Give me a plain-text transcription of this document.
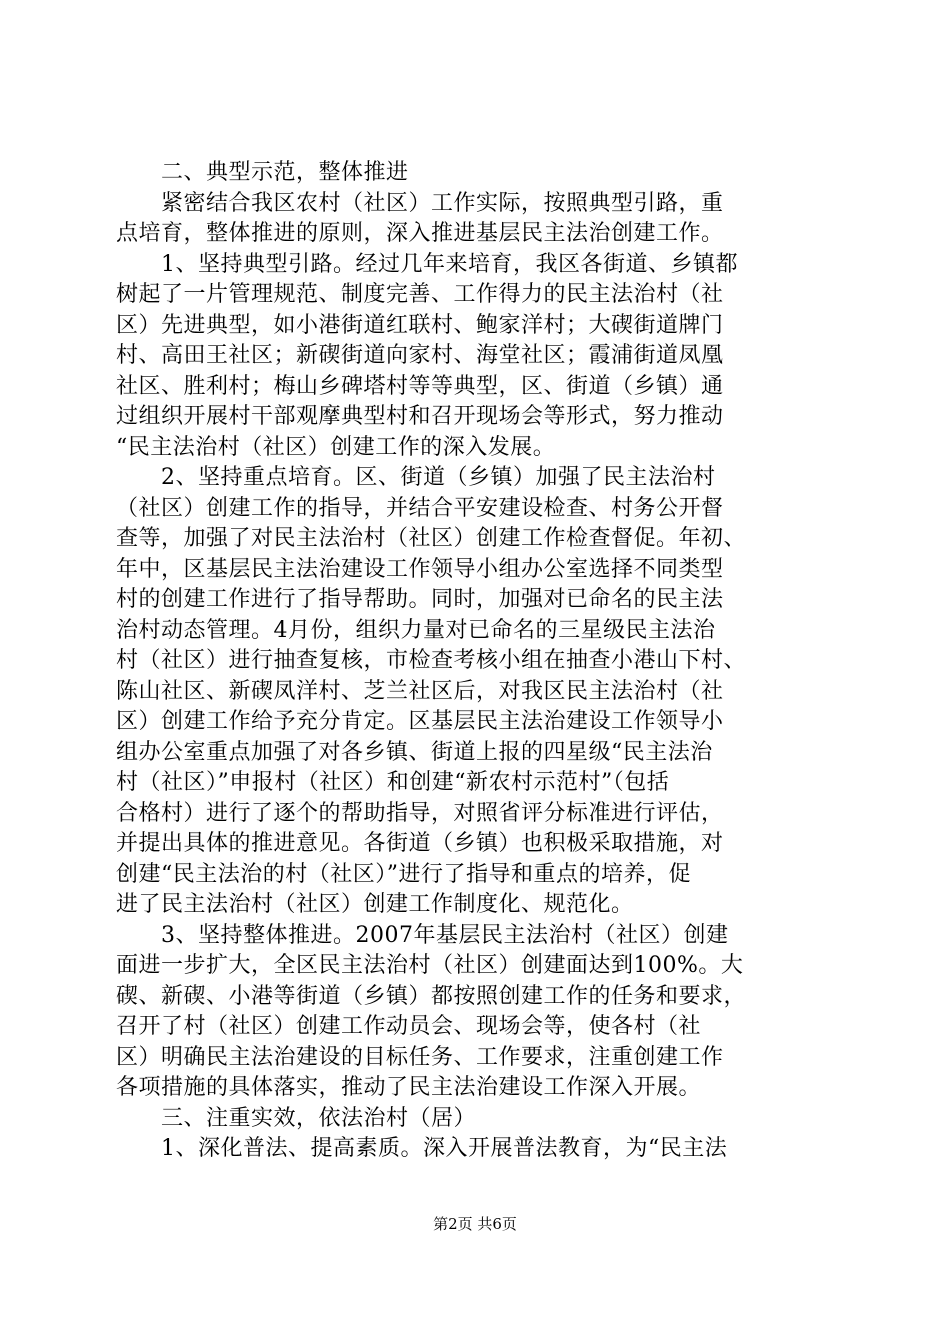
　　二、典型示范，整体推进
　　紧密结合我区农村（社区）工作实际，按照典型引路，重
点培育，整体推进的原则，深入推进基层民主法治创建工作。
　　1、坚持典型引路。经过几年来培育，我区各街道、乡镇都
树起了一片管理规范、制度完善、工作得力的民主法治村（社
区）先进典型，如小港街道红联村、鲍家洋村；大碶街道牌门
村、高田王社区；新碶街道向家村、海堂社区；霞浦街道凤凰
社区、胜利村；梅山乡碑塔村等等典型，区、街道（乡镇）通
过组织开展村干部观摩典型村和召开现场会等形式，努力推动
“民主法治村（社区）创建工作的深入发展。
　　2、坚持重点培育。区、街道（乡镇）加强了民主法治村
（社区）创建工作的指导，并结合平安建设检查、村务公开督
查等，加强了对民主法治村（社区）创建工作检查督促。年初、
年中，区基层民主法治建设工作领导小组办公室选择不同类型
村的创建工作进行了指导帮助。同时，加强对已命名的民主法
治村动态管理。4月份，组织力量对已命名的三星级民主法治
村（社区）进行抽查复核，市检查考核小组在抽查小港山下村、
陈山社区、新碶凤洋村、芝兰社区后，对我区民主法治村（社
区）创建工作给予充分肯定。区基层民主法治建设工作领导小
组办公室重点加强了对各乡镇、街道上报的四星级“民主法治
村（社区）”申报村（社区）和创建“新农村示范村”（包括
合格村）进行了逐个的帮助指导，对照省评分标准进行评估，
并提出具体的推进意见。各街道（乡镇）也积极采取措施，对
创建“民主法治的村（社区）”进行了指导和重点的培养，促
进了民主法治村（社区）创建工作制度化、规范化。
　　3、坚持整体推进。2007年基层民主法治村（社区）创建
面进一步扩大，全区民主法治村（社区）创建面达到100%。大
碶、新碶、小港等街道（乡镇）都按照创建工作的任务和要求，
召开了村（社区）创建工作动员会、现场会等，使各村（社
区）明确民主法治建设的目标任务、工作要求，注重创建工作
各项措施的具体落实，推动了民主法治建设工作深入开展。
　　三、注重实效，依法治村（居）
　　1、深化普法、提高素质。深入开展普法教育，为“民主法
第2页 共6页
